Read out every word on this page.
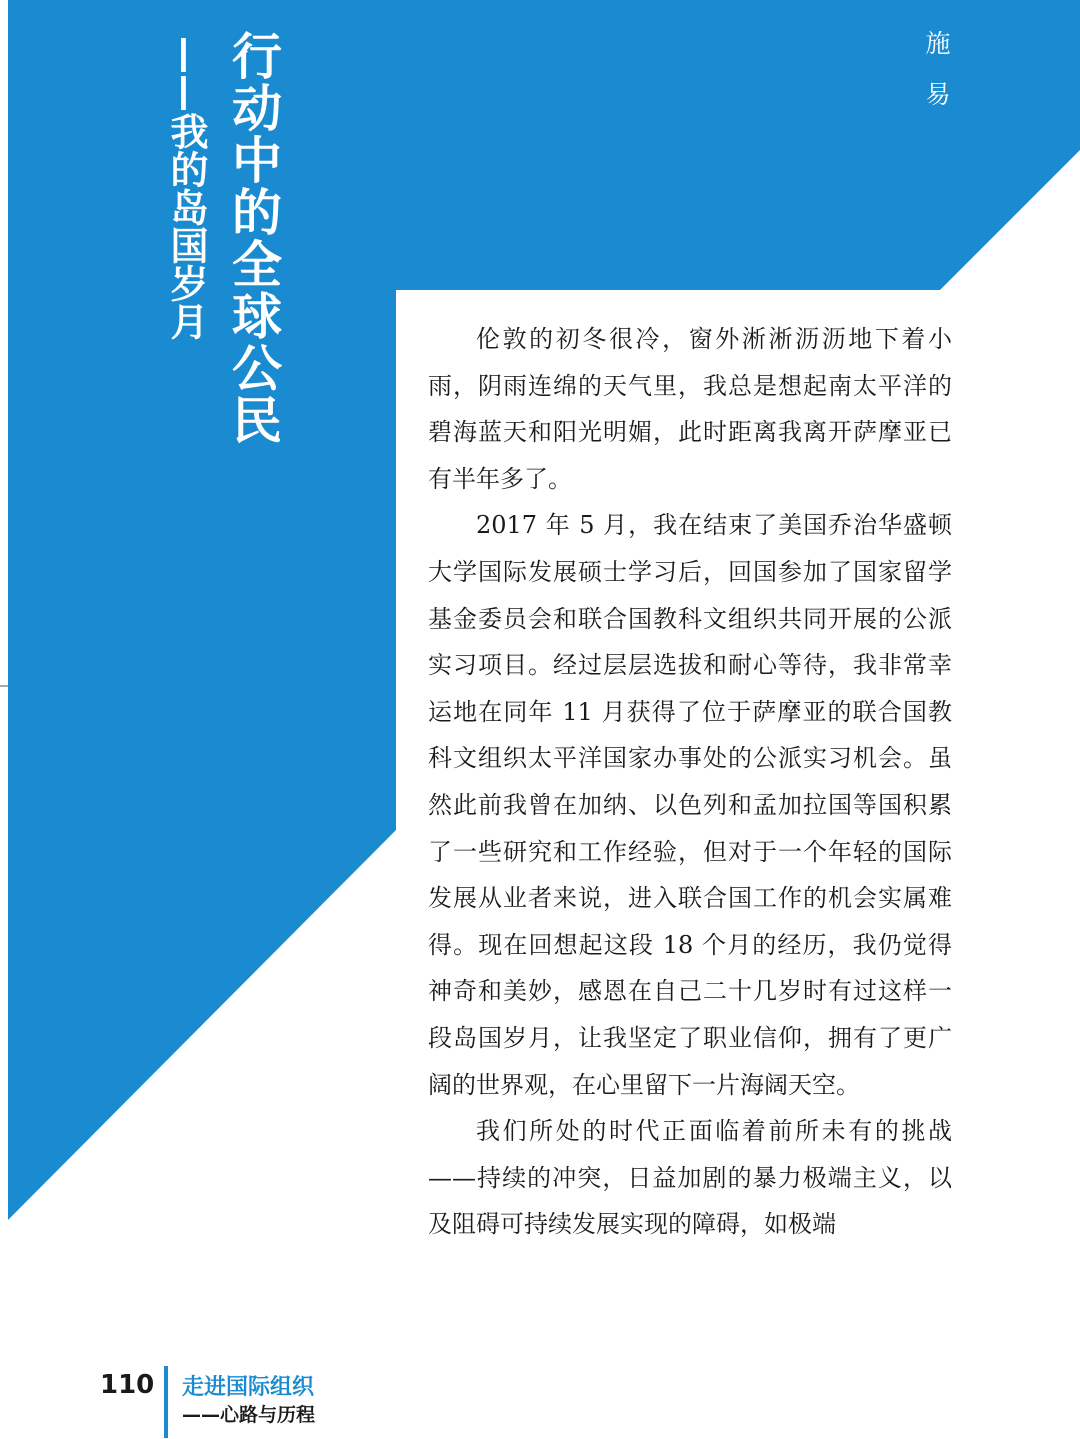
行动中的全球公民
——我的岛国岁月	施易

伦敦的初冬很冷，窗外淅淅沥沥地下着小雨，阴雨连绵的天气里，我总是想起南太平洋的碧海蓝天和阳光明媚，此时距离我离开萨摩亚已有半年多了。

2017 年 5 月，我在结束了美国乔治华盛顿大学国际发展硕士学习后，回国参加了国家留学基金委员会和联合国教科文组织共同开展的公派实习项目。经过层层选拔和耐心等待，我非常幸运地在同年 11 月获得了位于萨摩亚的联合国教科文组织太平洋国家办事处的公派实习机会。虽然此前我曾在加纳、以色列和孟加拉国等国积累了一些研究和工作经验，但对于一个年轻的国际发展从业者来说，进入联合国工作的机会实属难得。现在回想起这段 18 个月的经历，我仍觉得神奇和美妙，感恩在自己二十几岁时有过这样一段岛国岁月，让我坚定了职业信仰，拥有了更广阔的世界观，在心里留下一片海阔天空。

我们所处的时代正面临着前所未有的挑战——持续的冲突，日益加剧的暴力极端主义，以及阻碍可持续发展实现的障碍，如极端

110 走进国际组织
——心路与历程
